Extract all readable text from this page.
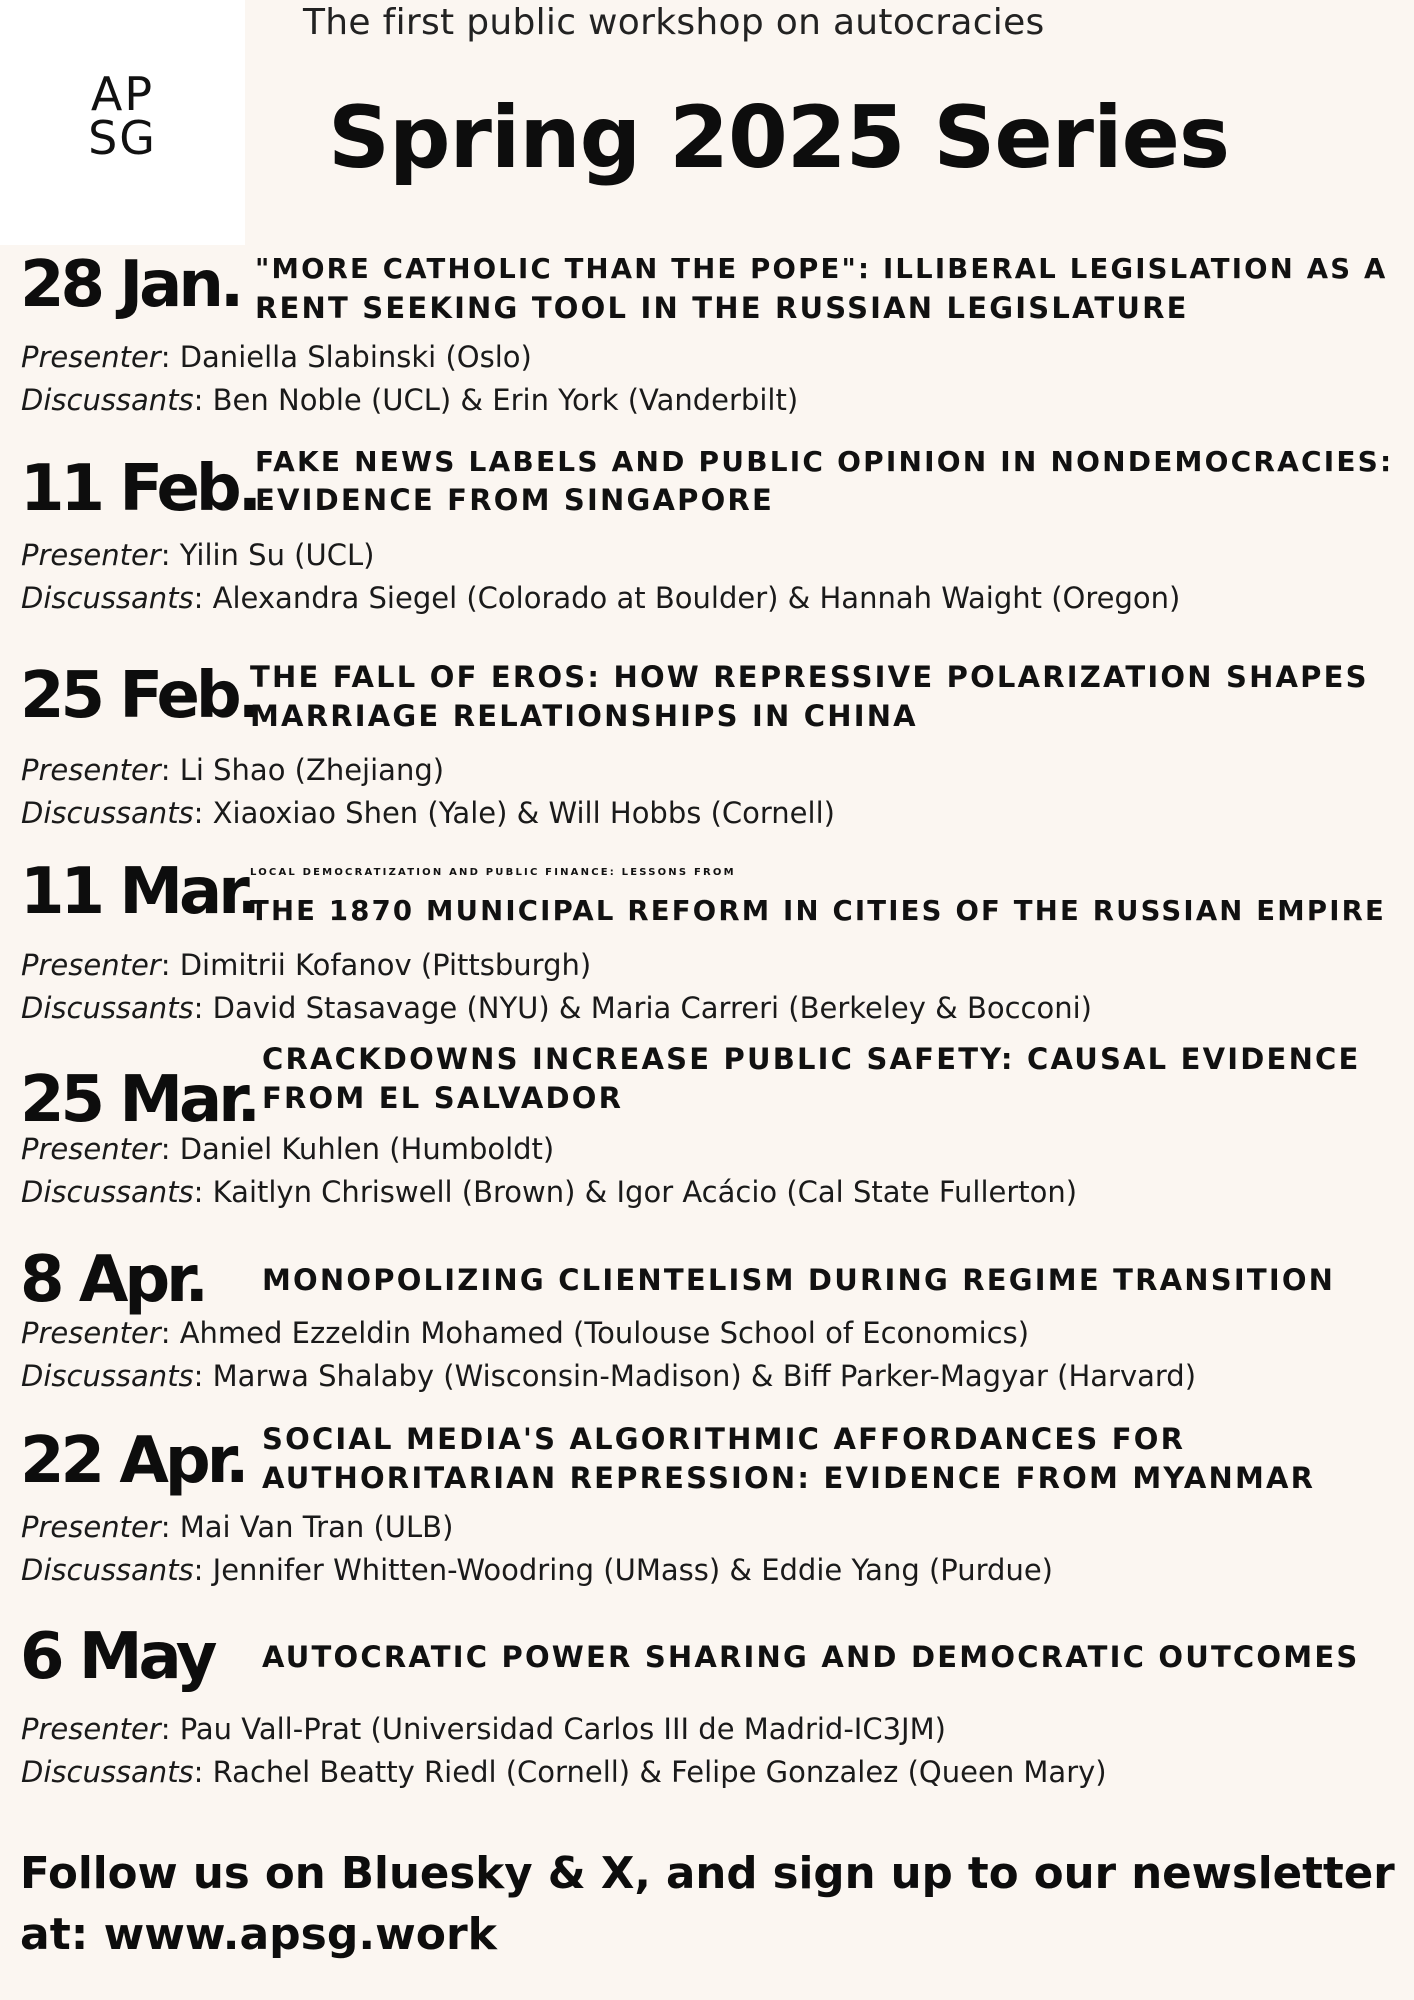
AP
SG
The first public workshop on autocracies
Spring 2025 Series
28 Jan. "MORE CATHOLIC THAN THE POPE": ILLIBERAL LEGISLATION AS A
RENT SEEKING TOOL IN THE RUSSIAN LEGISLATURE
Presenter: Daniella Slabinski (Oslo)
Discussants: Ben Noble (UCL) & Erin York (Vanderbilt)
11 Feb.
FAKE NEWS LABELS AND PUBLIC OPINION IN NONDEMOCRACIES:
EVIDENCE FROM SINGAPORE
Presenter: Yilin Su (UCL)
Discussants: Alexandra Siegel (Colorado at Boulder) & Hannah Waight (Oregon)
25 Feb.
THE FALL OF EROS: HOW REPRESSIVE POLARIZATION SHAPES
MARRIAGE RELATIONSHIPS IN CHINA
Presenter: Li Shao (Zhejiang)
Discussants: Xiaoxiao Shen (Yale) & Will Hobbs (Cornell)
11 Mar.
LOCAL DEMOCRATIZATION AND PUBLIC FINANCE: LESSONS FROM
THE 1870 MUNICIPAL REFORM IN CITIES OF THE RUSSIAN EMPIRE
Presenter: Dimitrii Kofanov (Pittsburgh)
Discussants: David Stasavage (NYU) & Maria Carreri (Berkeley & Bocconi)
25 Mar.
CRACKDOWNS INCREASE PUBLIC SAFETY: CAUSAL EVIDENCE
FROM EL SALVADOR
Presenter: Daniel Kuhlen (Humboldt)
Discussants: Kaitlyn Chriswell (Brown) & Igor Acácio (Cal State Fullerton)
8 Apr. MONOPOLIZING CLIENTELISM DURING REGIME TRANSITION
Presenter: Ahmed Ezzeldin Mohamed (Toulouse School of Economics)
Discussants: Marwa Shalaby (Wisconsin-Madison) & Biff Parker-Magyar (Harvard)
22 Apr. SOCIAL MEDIA'S ALGORITHMIC AFFORDANCES FOR
AUTHORITARIAN REPRESSION: EVIDENCE FROM MYANMAR
Presenter: Mai Van Tran (ULB)
Discussants: Jennifer Whitten-Woodring (UMass) & Eddie Yang (Purdue)
6 May AUTOCRATIC POWER SHARING AND DEMOCRATIC OUTCOMES
Presenter: Pau Vall-Prat (Universidad Carlos III de Madrid-IC3JM)
Discussants: Rachel Beatty Riedl (Cornell) & Felipe Gonzalez (Queen Mary)
Follow us on Bluesky & X, and sign up to our newsletter
at: www.apsg.work
